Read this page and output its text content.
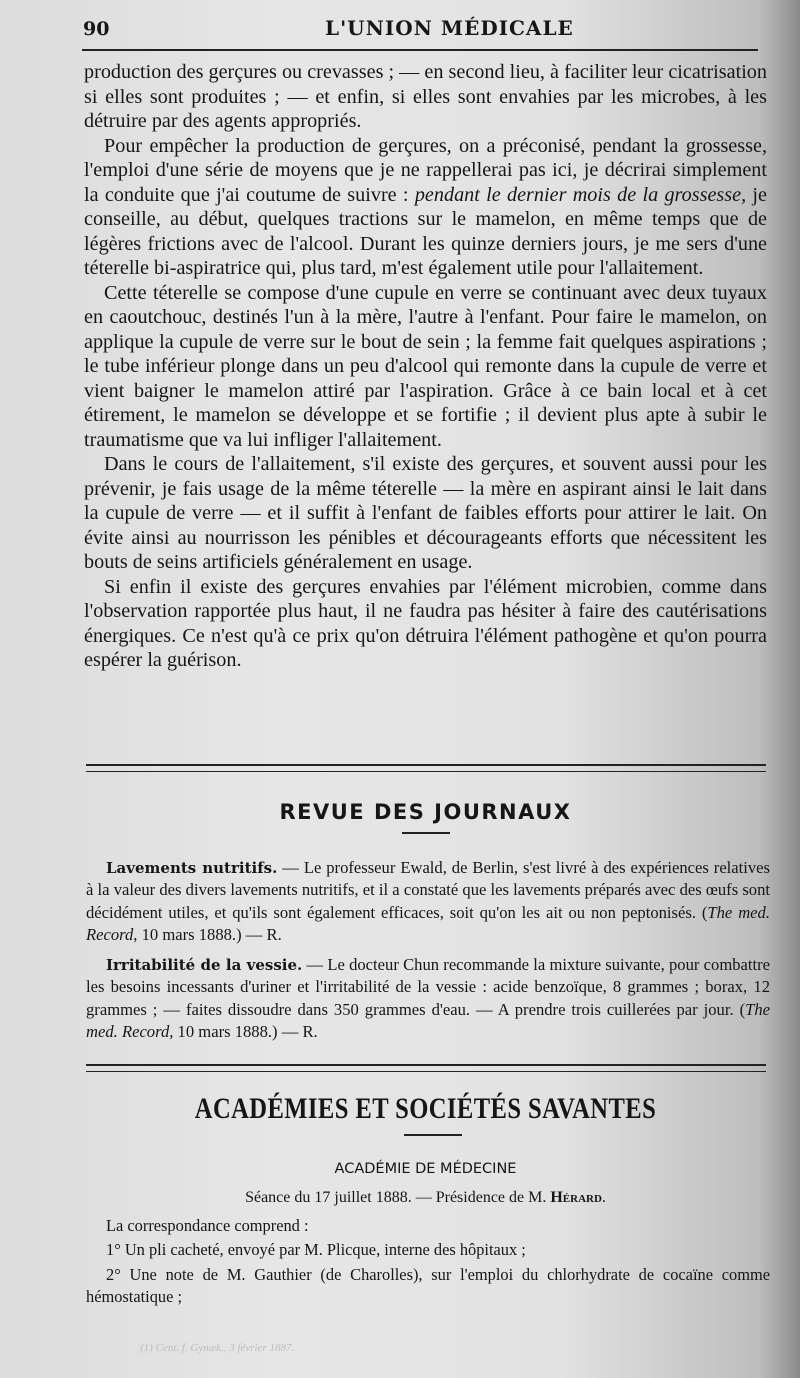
90	L'UNION MÉDICALE

production des gerçures ou crevasses ; — en second lieu, à faciliter leur cicatrisation si elles sont produites ; — et enfin, si elles sont envahies par les microbes, à les détruire par des agents appropriés.

Pour empêcher la production de gerçures, on a préconisé, pendant la grossesse, l'emploi d'une série de moyens que je ne rappellerai pas ici, je décrirai simplement la conduite que j'ai coutume de suivre : pendant le dernier mois de la grossesse, je conseille, au début, quelques tractions sur le mamelon, en même temps que de légères frictions avec de l'alcool. Durant les quinze derniers jours, je me sers d'une téterelle bi-aspiratrice qui, plus tard, m'est également utile pour l'allaitement.

Cette téterelle se compose d'une cupule en verre se continuant avec deux tuyaux en caoutchouc, destinés l'un à la mère, l'autre à l'enfant. Pour faire le mamelon, on applique la cupule de verre sur le bout de sein ; la femme fait quelques aspirations ; le tube inférieur plonge dans un peu d'alcool qui remonte dans la cupule de verre et vient baigner le mamelon attiré par l'aspiration. Grâce à ce bain local et à cet étirement, le mamelon se développe et se fortifie ; il devient plus apte à subir le traumatisme que va lui infliger l'allaitement.

Dans le cours de l'allaitement, s'il existe des gerçures, et souvent aussi pour les prévenir, je fais usage de la même téterelle — la mère en aspirant ainsi le lait dans la cupule de verre — et il suffit à l'enfant de faibles efforts pour attirer le lait. On évite ainsi au nourrisson les pénibles et décourageants efforts que nécessitent les bouts de seins artificiels généralement en usage.

Si enfin il existe des gerçures envahies par l'élément microbien, comme dans l'observation rapportée plus haut, il ne faudra pas hésiter à faire des cautérisations énergiques. Ce n'est qu'à ce prix qu'on détruira l'élément pathogène et qu'on pourra espérer la guérison.

REVUE DES JOURNAUX

Lavements nutritifs. — Le professeur Ewald, de Berlin, s'est livré à des expériences relatives à la valeur des divers lavements nutritifs, et il a constaté que les lavements préparés avec des œufs sont décidément utiles, et qu'ils sont également efficaces, soit qu'on les ait ou non peptonisés. (The med. Record, 10 mars 1888.) — R.

Irritabilité de la vessie. — Le docteur Chun recommande la mixture suivante, pour combattre les besoins incessants d'uriner et l'irritabilité de la vessie : acide benzoïque, 8 grammes ; borax, 12 grammes ; — faites dissoudre dans 350 grammes d'eau. — A prendre trois cuillerées par jour. (The med. Record, 10 mars 1888.) — R.

ACADÉMIES ET SOCIÉTÉS SAVANTES
ACADÉMIE DE MÉDECINE
Séance du 17 juillet 1888. — Présidence de M. Hérard.

La correspondance comprend :

1° Un pli cacheté, envoyé par M. Plicque, interne des hôpitaux ;

2° Une note de M. Gauthier (de Charolles), sur l'emploi du chlorhydrate de cocaïne comme hémostatique ;

(1) Cent. f. Gynæk., 3 février 1887.
